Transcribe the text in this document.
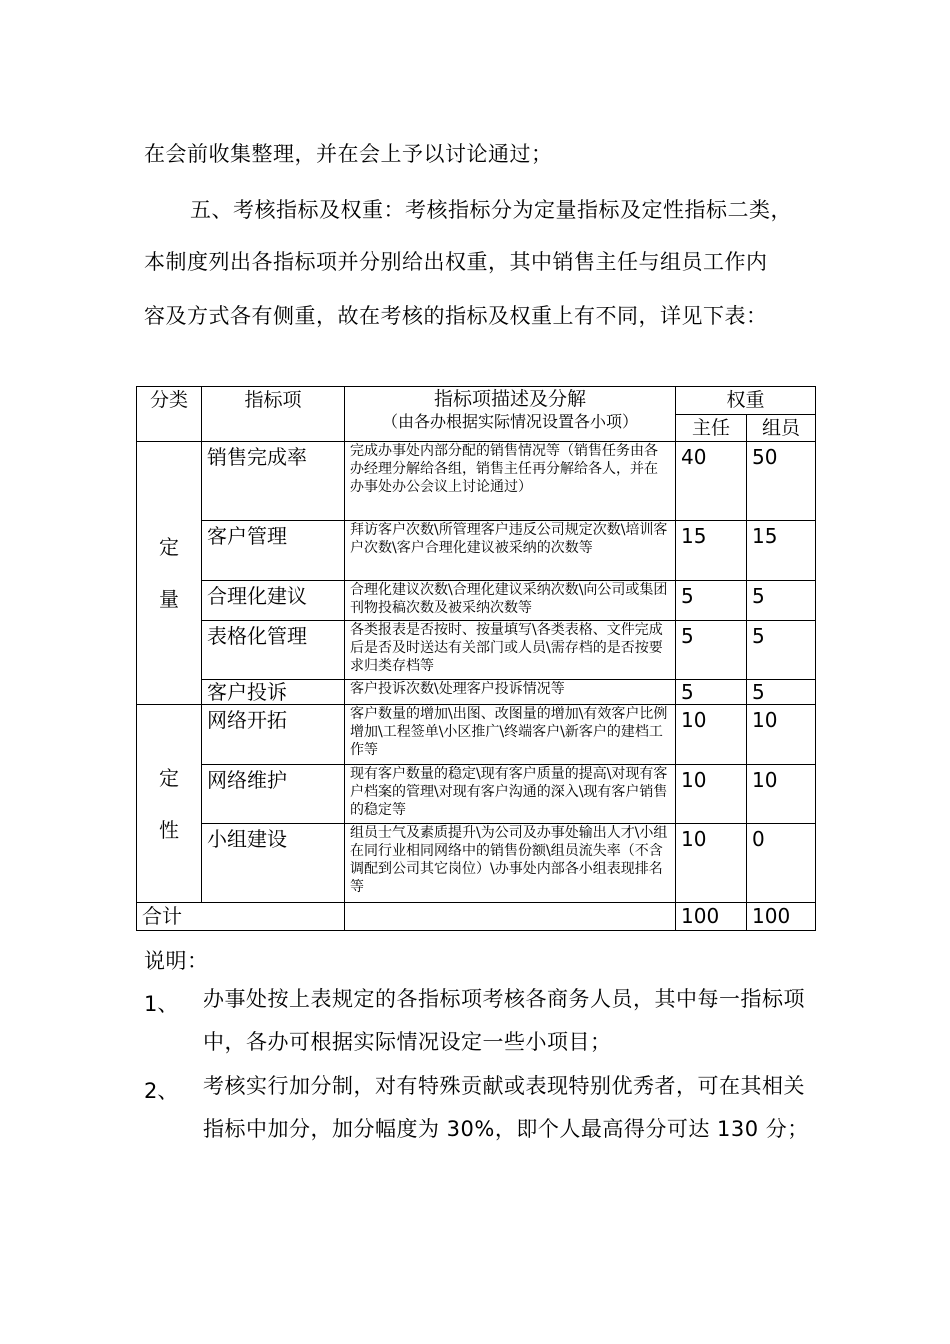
在会前收集整理，并在会上予以讨论通过；
五、考核指标及权重：考核指标分为定量指标及定性指标二类，
本制度列出各指标项并分别给出权重，其中销售主任与组员工作内
容及方式各有侧重，故在考核的指标及权重上有不同，详见下表：
分类	指标项	指标项描述及分解
（由各办根据实际情况设置各小项）	权重	
			主任	组员

定
量	销售完成率	完成办事处内部分配的销售情况等（销售任务由各办经理分解给各组，销售主任再分解给各人，并在办事处办公会议上讨论通过）	40	50
	客户管理	拜访客户次数\所管理客户违反公司规定次数\培训客户次数\客户合理化建议被采纳的次数等	15	15
	合理化建议	合理化建议次数\合理化建议采纳次数\向公司或集团刊物投稿次数及被采纳次数等	5	5
	表格化管理	各类报表是否按时、按量填写\各类表格、文件完成后是否及时送达有关部门或人员\需存档的是否按要求归类存档等	5	5
	客户投诉	客户投诉次数\处理客户投诉情况等	5	5

定
性	网络开拓	客户数量的增加\出图、改图量的增加\有效客户比例增加\工程签单\小区推广\终端客户\新客户的建档工作等	10	10
	网络维护	现有客户数量的稳定\现有客户质量的提高\对现有客户档案的管理\对现有客户沟通的深入\现有客户销售的稳定等	10	10
	小组建设	组员士气及素质提升\为公司及办事处输出人才\小组在同行业相同网络中的销售份额\组员流失率（不含调配到公司其它岗位）\办事处内部各小组表现排名等	10	0
合计			100	100
说明：
1、 办事处按上表规定的各指标项考核各商务人员，其中每一指标项中，各办可根据实际情况设定一些小项目；
2、 考核实行加分制，对有特殊贡献或表现特别优秀者，可在其相关指标中加分，加分幅度为 30%，即个人最高得分可达 130 分；
